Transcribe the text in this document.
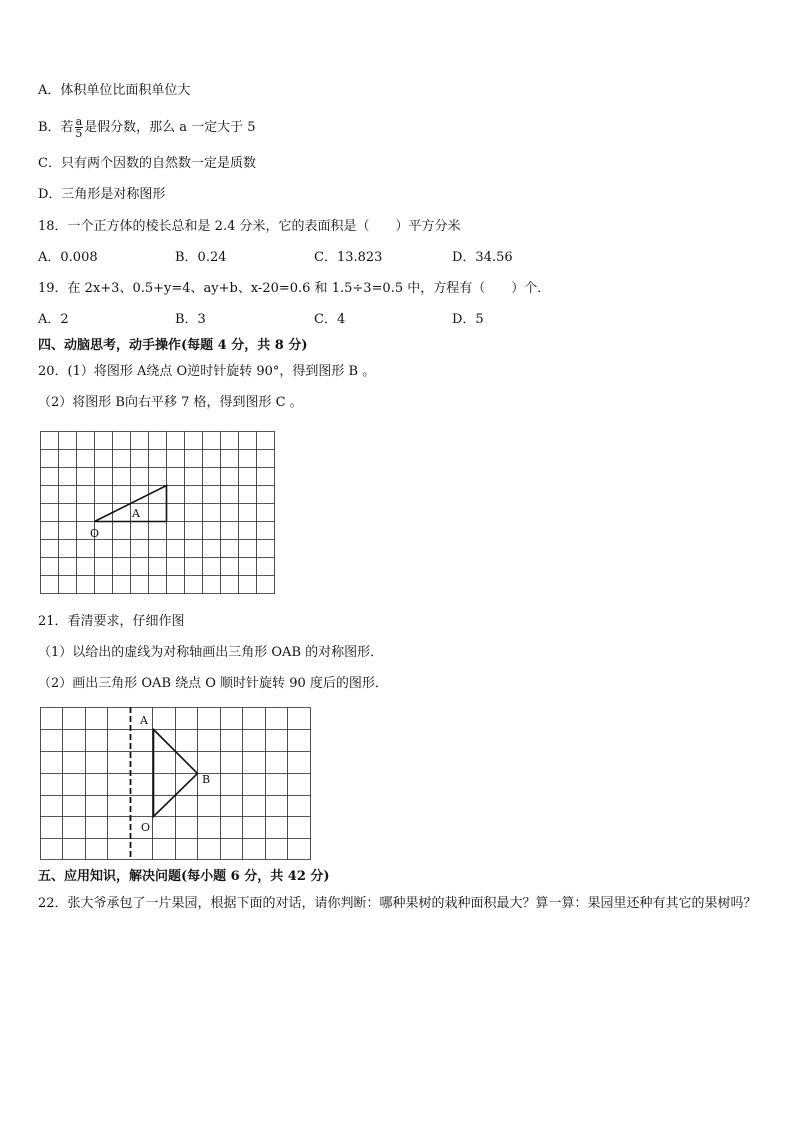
A．体积单位比面积单位大
B．若 $\frac{a}{5}$ 是假分数，那么 a 一定大于 5
C．只有两个因数的自然数一定是质数
D．三角形是对称图形
18．一个正方体的棱长总和是 2.4 分米，它的表面积是（　　）平方分米
A．0.008	B．0.24	C．13.823	D．34.56
19．在 2x+3、0.5+y=4、ay+b、x-20=0.6 和 1.5÷3=0.5 中，方程有（　　）个．
A．2	B．3	C．4	D．5
四、动脑思考，动手操作(每题 4 分，共 8 分)
20．(1）将图形 A绕点 O逆时针旋转 90°，得到图形 B 。
（2）将图形 B向右平移 7 格，得到图形 C 。
A
O
21．看清要求，仔细作图
（1）以给出的虚线为对称轴画出三角形 OAB 的对称图形．
（2）画出三角形 OAB 绕点 O 顺时针旋转 90 度后的图形．
A
B
O
五、应用知识，解决问题(每小题 6 分，共 42 分)
22．张大爷承包了一片果园，根据下面的对话，请你判断：哪种果树的栽种面积最大？算一算：果园里还种有其它的果树吗？
